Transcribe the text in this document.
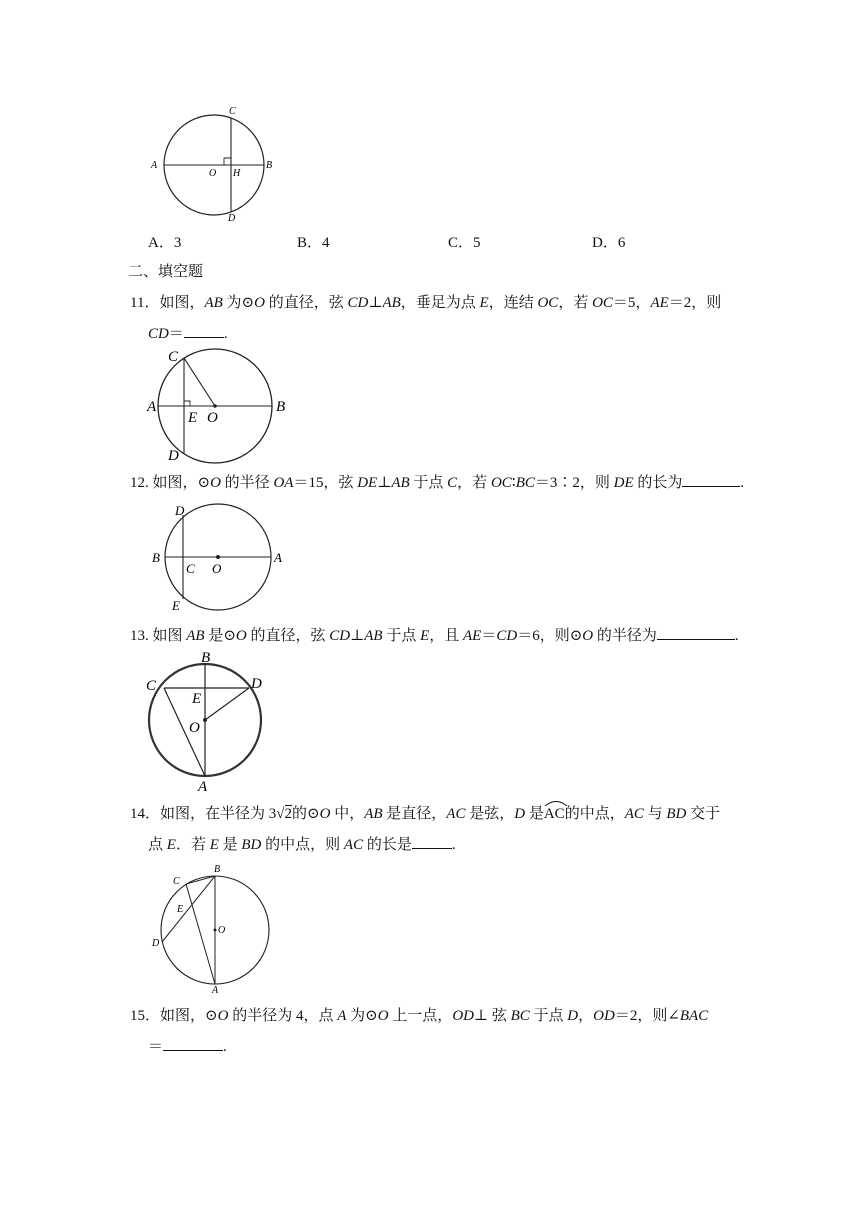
C
A	B
O H
D
A．3	B．4	C．5	D．6
二、填空题
11．如图，AB 为⊙O 的直径，弦 CD⊥AB，垂足为点 E，连结 OC，若 OC＝5，AE＝2，则
CD＝	.
C
A
E O
B
D
12. 如图，⊙O 的半径 OA＝15，弦 DE⊥AB 于点 C，若 OC∶BC＝3∶2，则 DE 的长为	.
D
B
C O
A
E
13. 如图 AB 是⊙O 的直径，弦 CD⊥AB 于点 E，且 AE＝CD＝6，则⊙O 的半径为	.
B
C	D
E
O
A
14．如图，在半径为 3√2的⊙O 中，AB 是直径，AC 是弦，D 是
AC的中点，AC 与 BD 交于
点 E．若 E 是 BD 的中点，则 AC 的长是	.
B
C
E
O
D
A
15．如图，⊙O 的半径为 4，点 A 为⊙O 上一点，OD⊥ 弦 BC 于点 D，OD＝2，则∠BAC
＝	.
